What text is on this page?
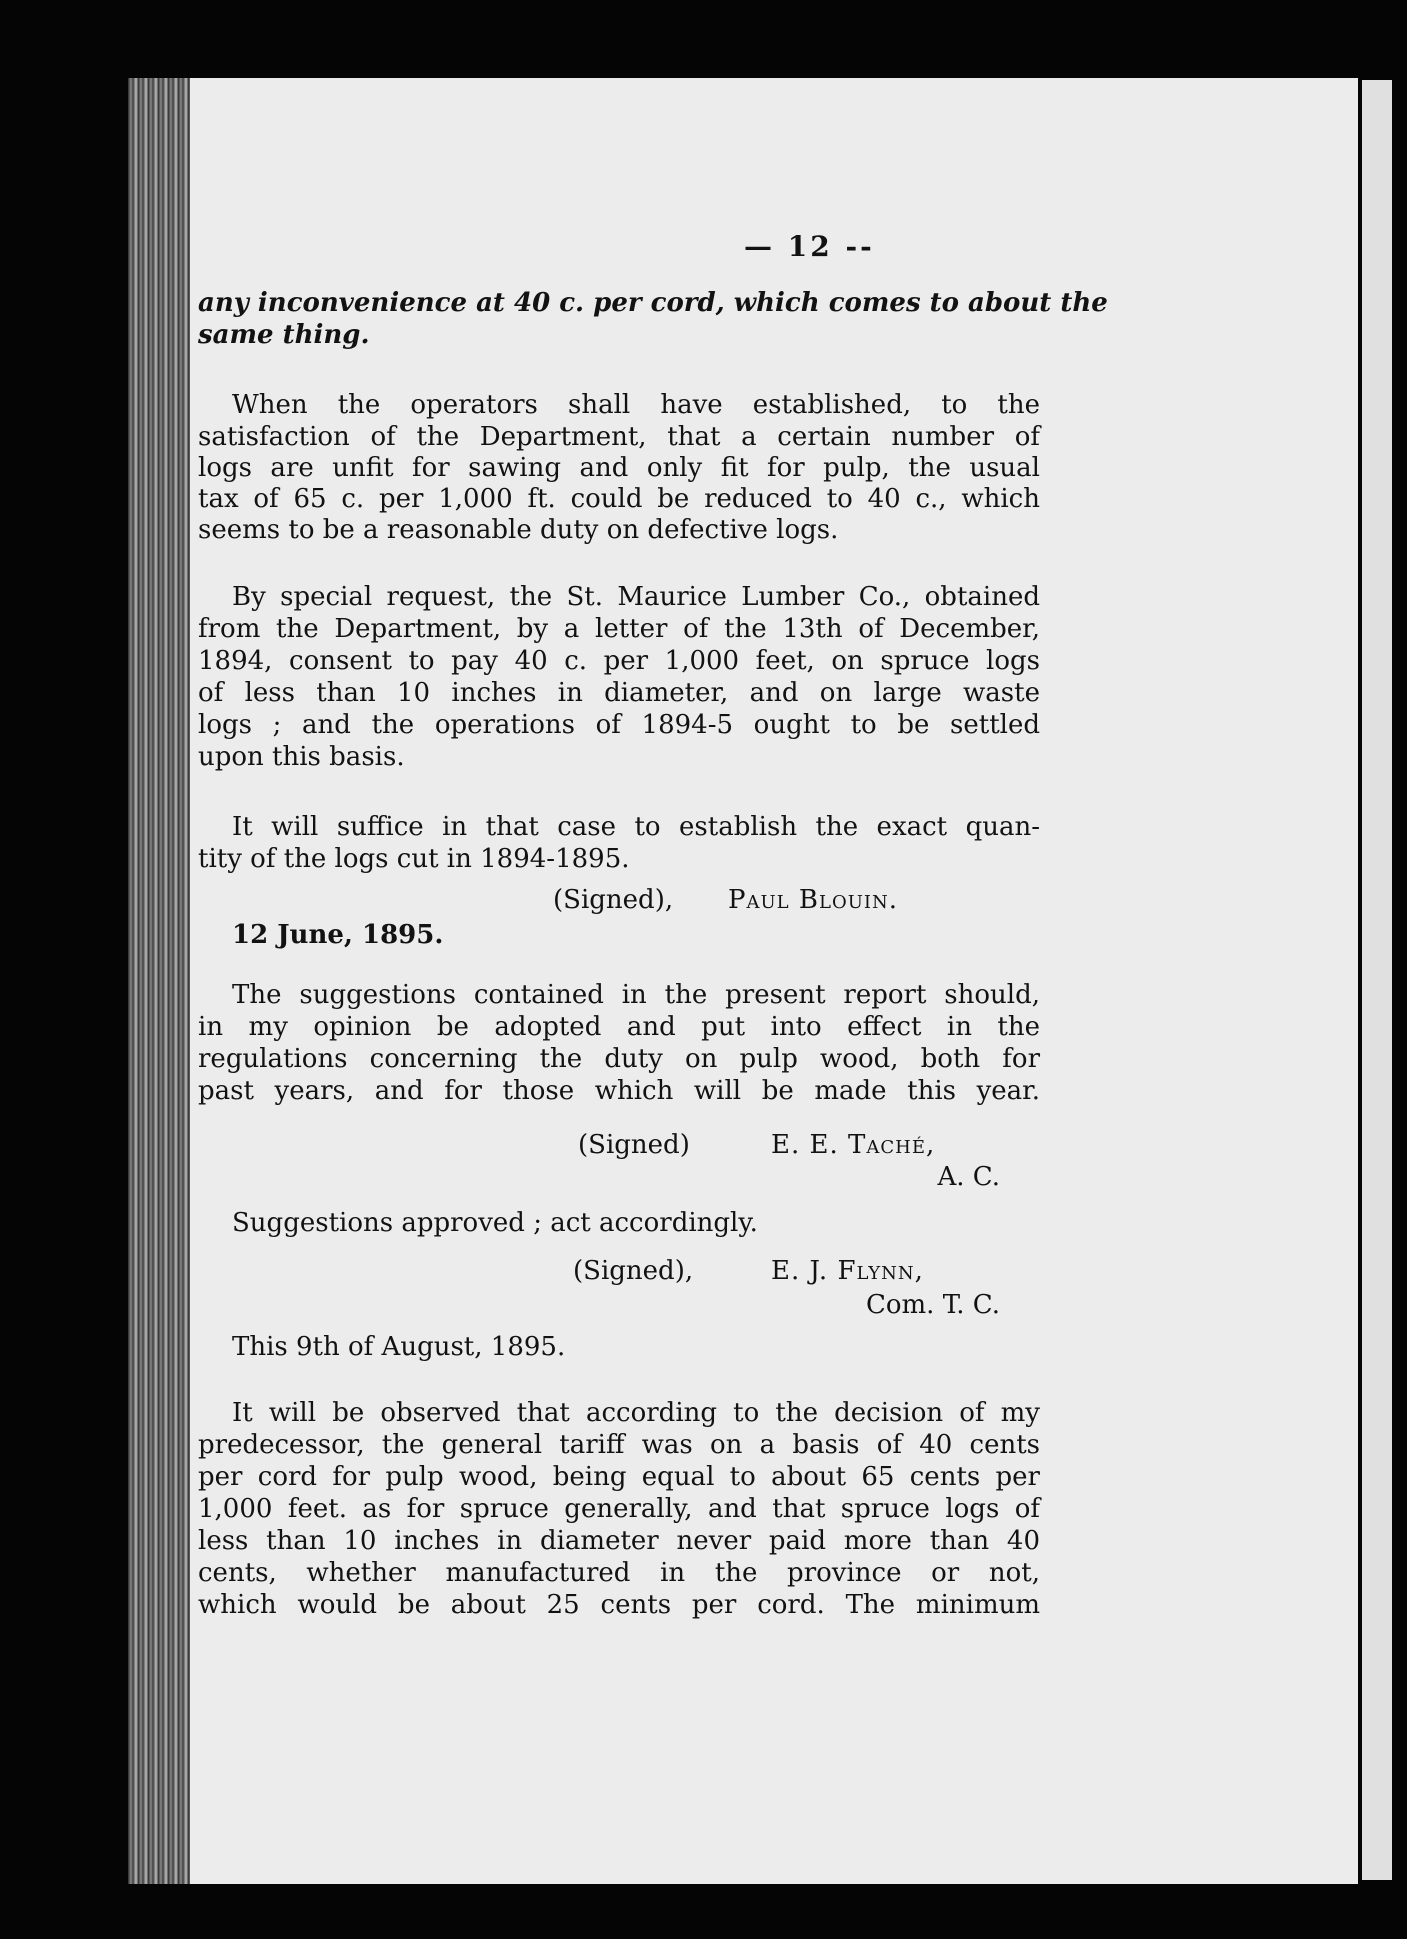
— 12 --
any inconvenience at 40 c. per cord, which comes to about the
same thing.
When the operators shall have established, to the
satisfaction of the Department, that a certain number of
logs are unfit for sawing and only fit for pulp, the usual
tax of 65 c. per 1,000 ft. could be reduced to 40 c., which
seems to be a reasonable duty on defective logs.
By special request, the St. Maurice Lumber Co., obtained
from the Department, by a letter of the 13th of December,
1894, consent to pay 40 c. per 1,000 feet, on spruce logs
of less than 10 inches in diameter, and on large waste
logs ; and the operations of 1894-5 ought to be settled
upon this basis.
It will suffice in that case to establish the exact quan-
tity of the logs cut in 1894-1895.
(Signed), Paul Blouin.
12 June, 1895.
The suggestions contained in the present report should,
in my opinion be adopted and put into effect in the
regulations concerning the duty on pulp wood, both for
past years, and for those which will be made this year.
(Signed)	E. E. Taché,
A. C.
Suggestions approved ; act accordingly.
(Signed),	E. J. Flynn,
Com. T. C.
This 9th of August, 1895.
It will be observed that according to the decision of my
predecessor, the general tariff was on a basis of 40 cents
per cord for pulp wood, being equal to about 65 cents per
1,000 feet. as for spruce generally, and that spruce logs of
less than 10 inches in diameter never paid more than 40
cents, whether manufactured in the province or not,
which would be about 25 cents per cord. The minimum
